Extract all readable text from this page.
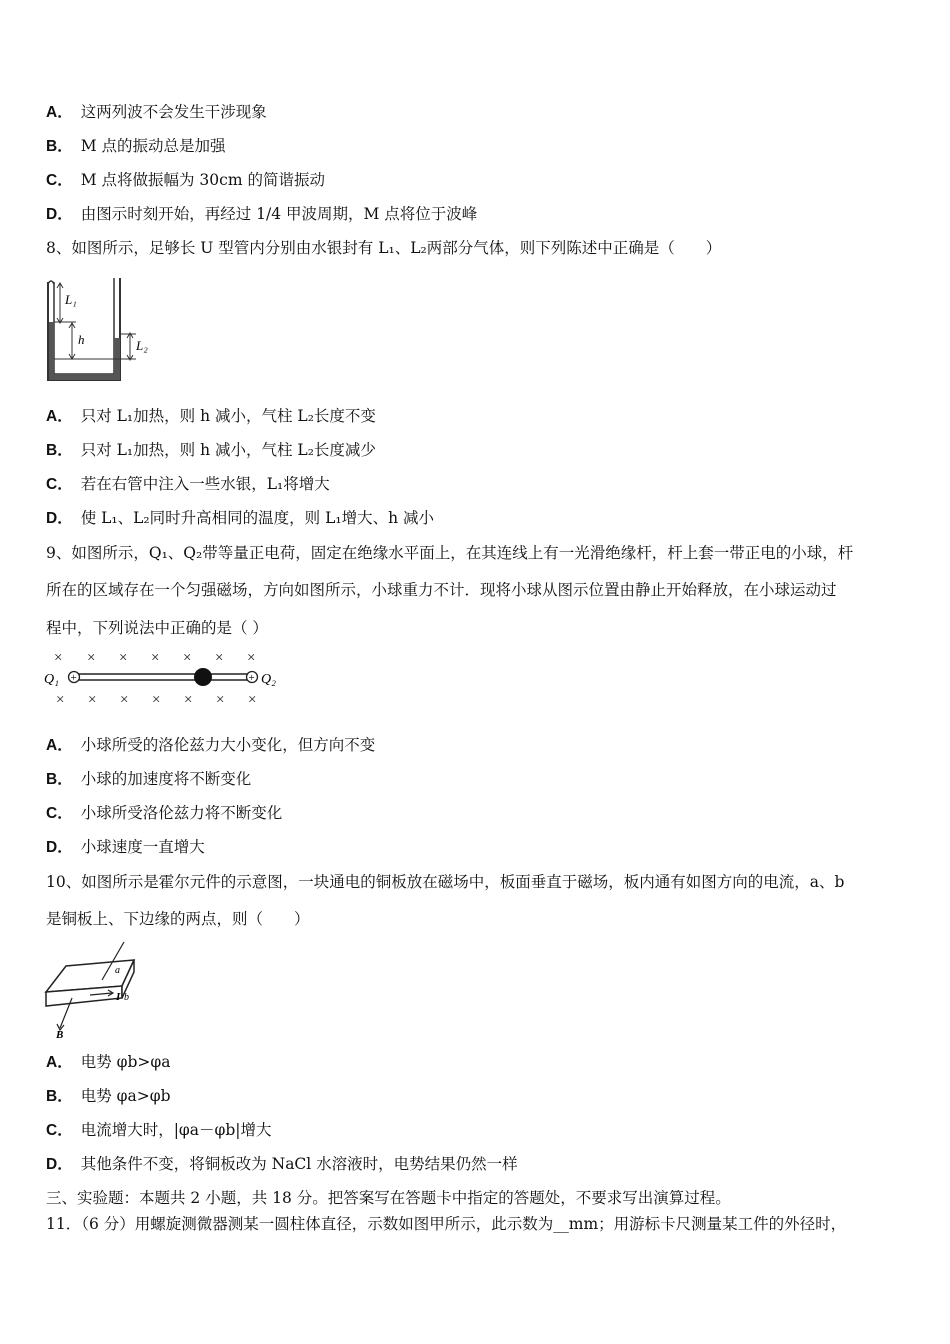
A． 这两列波不会发生干涉现象
B． M 点的振动总是加强
C． M 点将做振幅为 30cm 的简谐振动
D． 由图示时刻开始，再经过 1/4 甲波周期，M 点将位于波峰
8、如图所示，足够长 U 型管内分别由水银封有 L₁、L₂两部分气体，则下列陈述中正确是（　　）
L₁
h	L₂
A． 只对 L₁加热，则 h 减小，气柱 L₂长度不变
B． 只对 L₁加热，则 h 减小，气柱 L₂长度减少
C． 若在右管中注入一些水银，L₁将增大
D． 使 L₁、L₂同时升高相同的温度，则 L₁增大、h 减小
9、如图所示，Q₁、Q₂带等量正电荷，固定在绝缘水平面上，在其连线上有一光滑绝缘杆，杆上套一带正电的小球，杆
所在的区域存在一个匀强磁场，方向如图所示，小球重力不计．现将小球从图示位置由静止开始释放，在小球运动过
程中，下列说法中正确的是（ ）
× × × × × × ×
× × × × × × ×
+	+
Q₁	Q₂
A． 小球所受的洛伦兹力大小变化，但方向不变
B． 小球的加速度将不断变化
C． 小球所受洛伦兹力将不断变化
D． 小球速度一直增大
10、如图所示是霍尔元件的示意图，一块通电的铜板放在磁场中，板面垂直于磁场，板内通有如图方向的电流，a、b
是铜板上、下边缘的两点，则（　　）
a
I b
B
A． 电势 φb>φa
B． 电势 φa>φb
C． 电流增大时，|φa－φb|增大
D． 其他条件不变，将铜板改为 NaCl 水溶液时，电势结果仍然一样
三、实验题：本题共 2 小题，共 18 分。把答案写在答题卡中指定的答题处，不要求写出演算过程。
11．（6 分）用螺旋测微器测某一圆柱体直径，示数如图甲所示，此示数为__mm；用游标卡尺测量某工件的外径时，
